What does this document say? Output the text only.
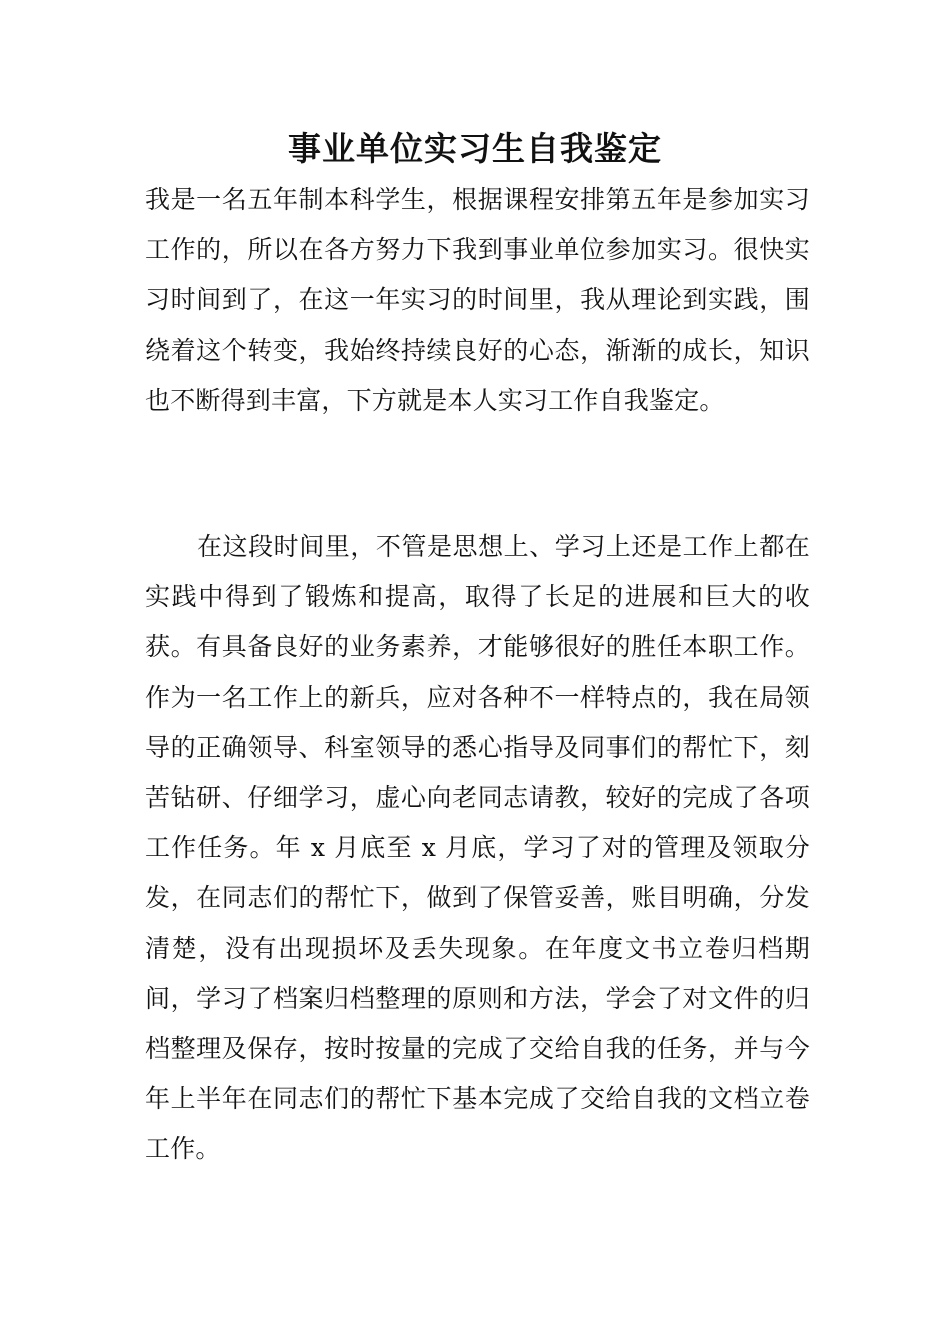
事业单位实习生自我鉴定

我是一名五年制本科学生，根据课程安排第五年是参加实习工作的，所以在各方努力下我到事业单位参加实习。很快实习时间到了，在这一年实习的时间里，我从理论到实践，围绕着这个转变，我始终持续良好的心态，渐渐的成长，知识也不断得到丰富，下方就是本人实习工作自我鉴定。

在这段时间里，不管是思想上、学习上还是工作上都在实践中得到了锻炼和提高，取得了长足的进展和巨大的收获。有具备良好的业务素养，才能够很好的胜任本职工作。作为一名工作上的新兵，应对各种不一样特点的，我在局领导的正确领导、科室领导的悉心指导及同事们的帮忙下，刻苦钻研、仔细学习，虚心向老同志请教，较好的完成了各项工作任务。年 x 月底至 x 月底，学习了对的管理及领取分发，在同志们的帮忙下，做到了保管妥善，账目明确，分发清楚，没有出现损坏及丢失现象。在年度文书立卷归档期间，学习了档案归档整理的原则和方法，学会了对文件的归档整理及保存，按时按量的完成了交给自我的任务，并与今年上半年在同志们的帮忙下基本完成了交给自我的文档立卷工作。
